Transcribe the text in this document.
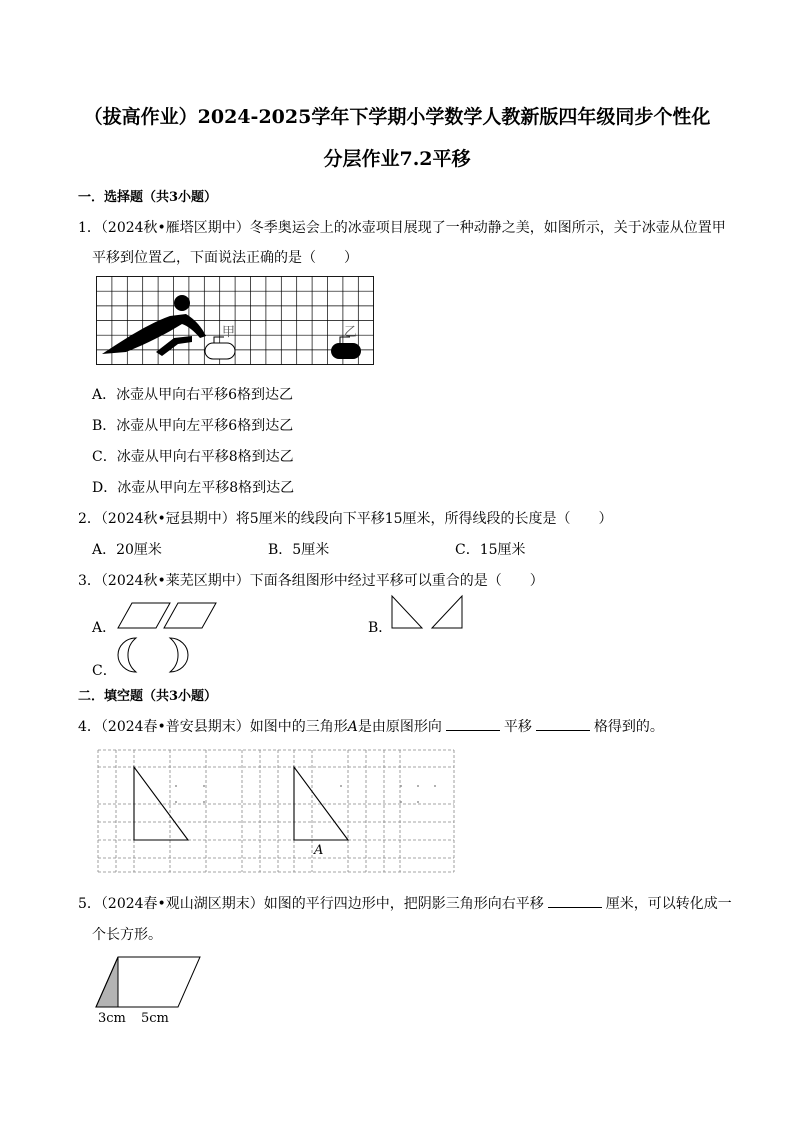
（拔高作业）2024-2025学年下学期小学数学人教新版四年级同步个性化
分层作业7.2平移
一．选择题（共3小题）
1．（2024秋•雁塔区期中）冬季奥运会上的冰壶项目展现了一种动静之美，如图所示，关于冰壶从位置甲
平移到位置乙，下面说法正确的是（　　）
甲	乙
A．冰壶从甲向右平移6格到达乙
B．冰壶从甲向左平移6格到达乙
C．冰壶从甲向右平移8格到达乙
D．冰壶从甲向左平移8格到达乙
2．（2024秋•冠县期中）将5厘米的线段向下平移15厘米，所得线段的长度是（　　）
A．20厘米	B．5厘米	C．15厘米
3．（2024秋•莱芜区期中）下面各组图形中经过平移可以重合的是（　　）
A．	B．
C．
二．填空题（共3小题）
4．（2024春•普安县期末）如图中的三角形A是由原图形向	平移	格得到的。
A
5．（2024春•观山湖区期末）如图的平行四边形中，把阴影三角形向右平移	厘米，可以转化成一
个长方形。
3cm 5cm
